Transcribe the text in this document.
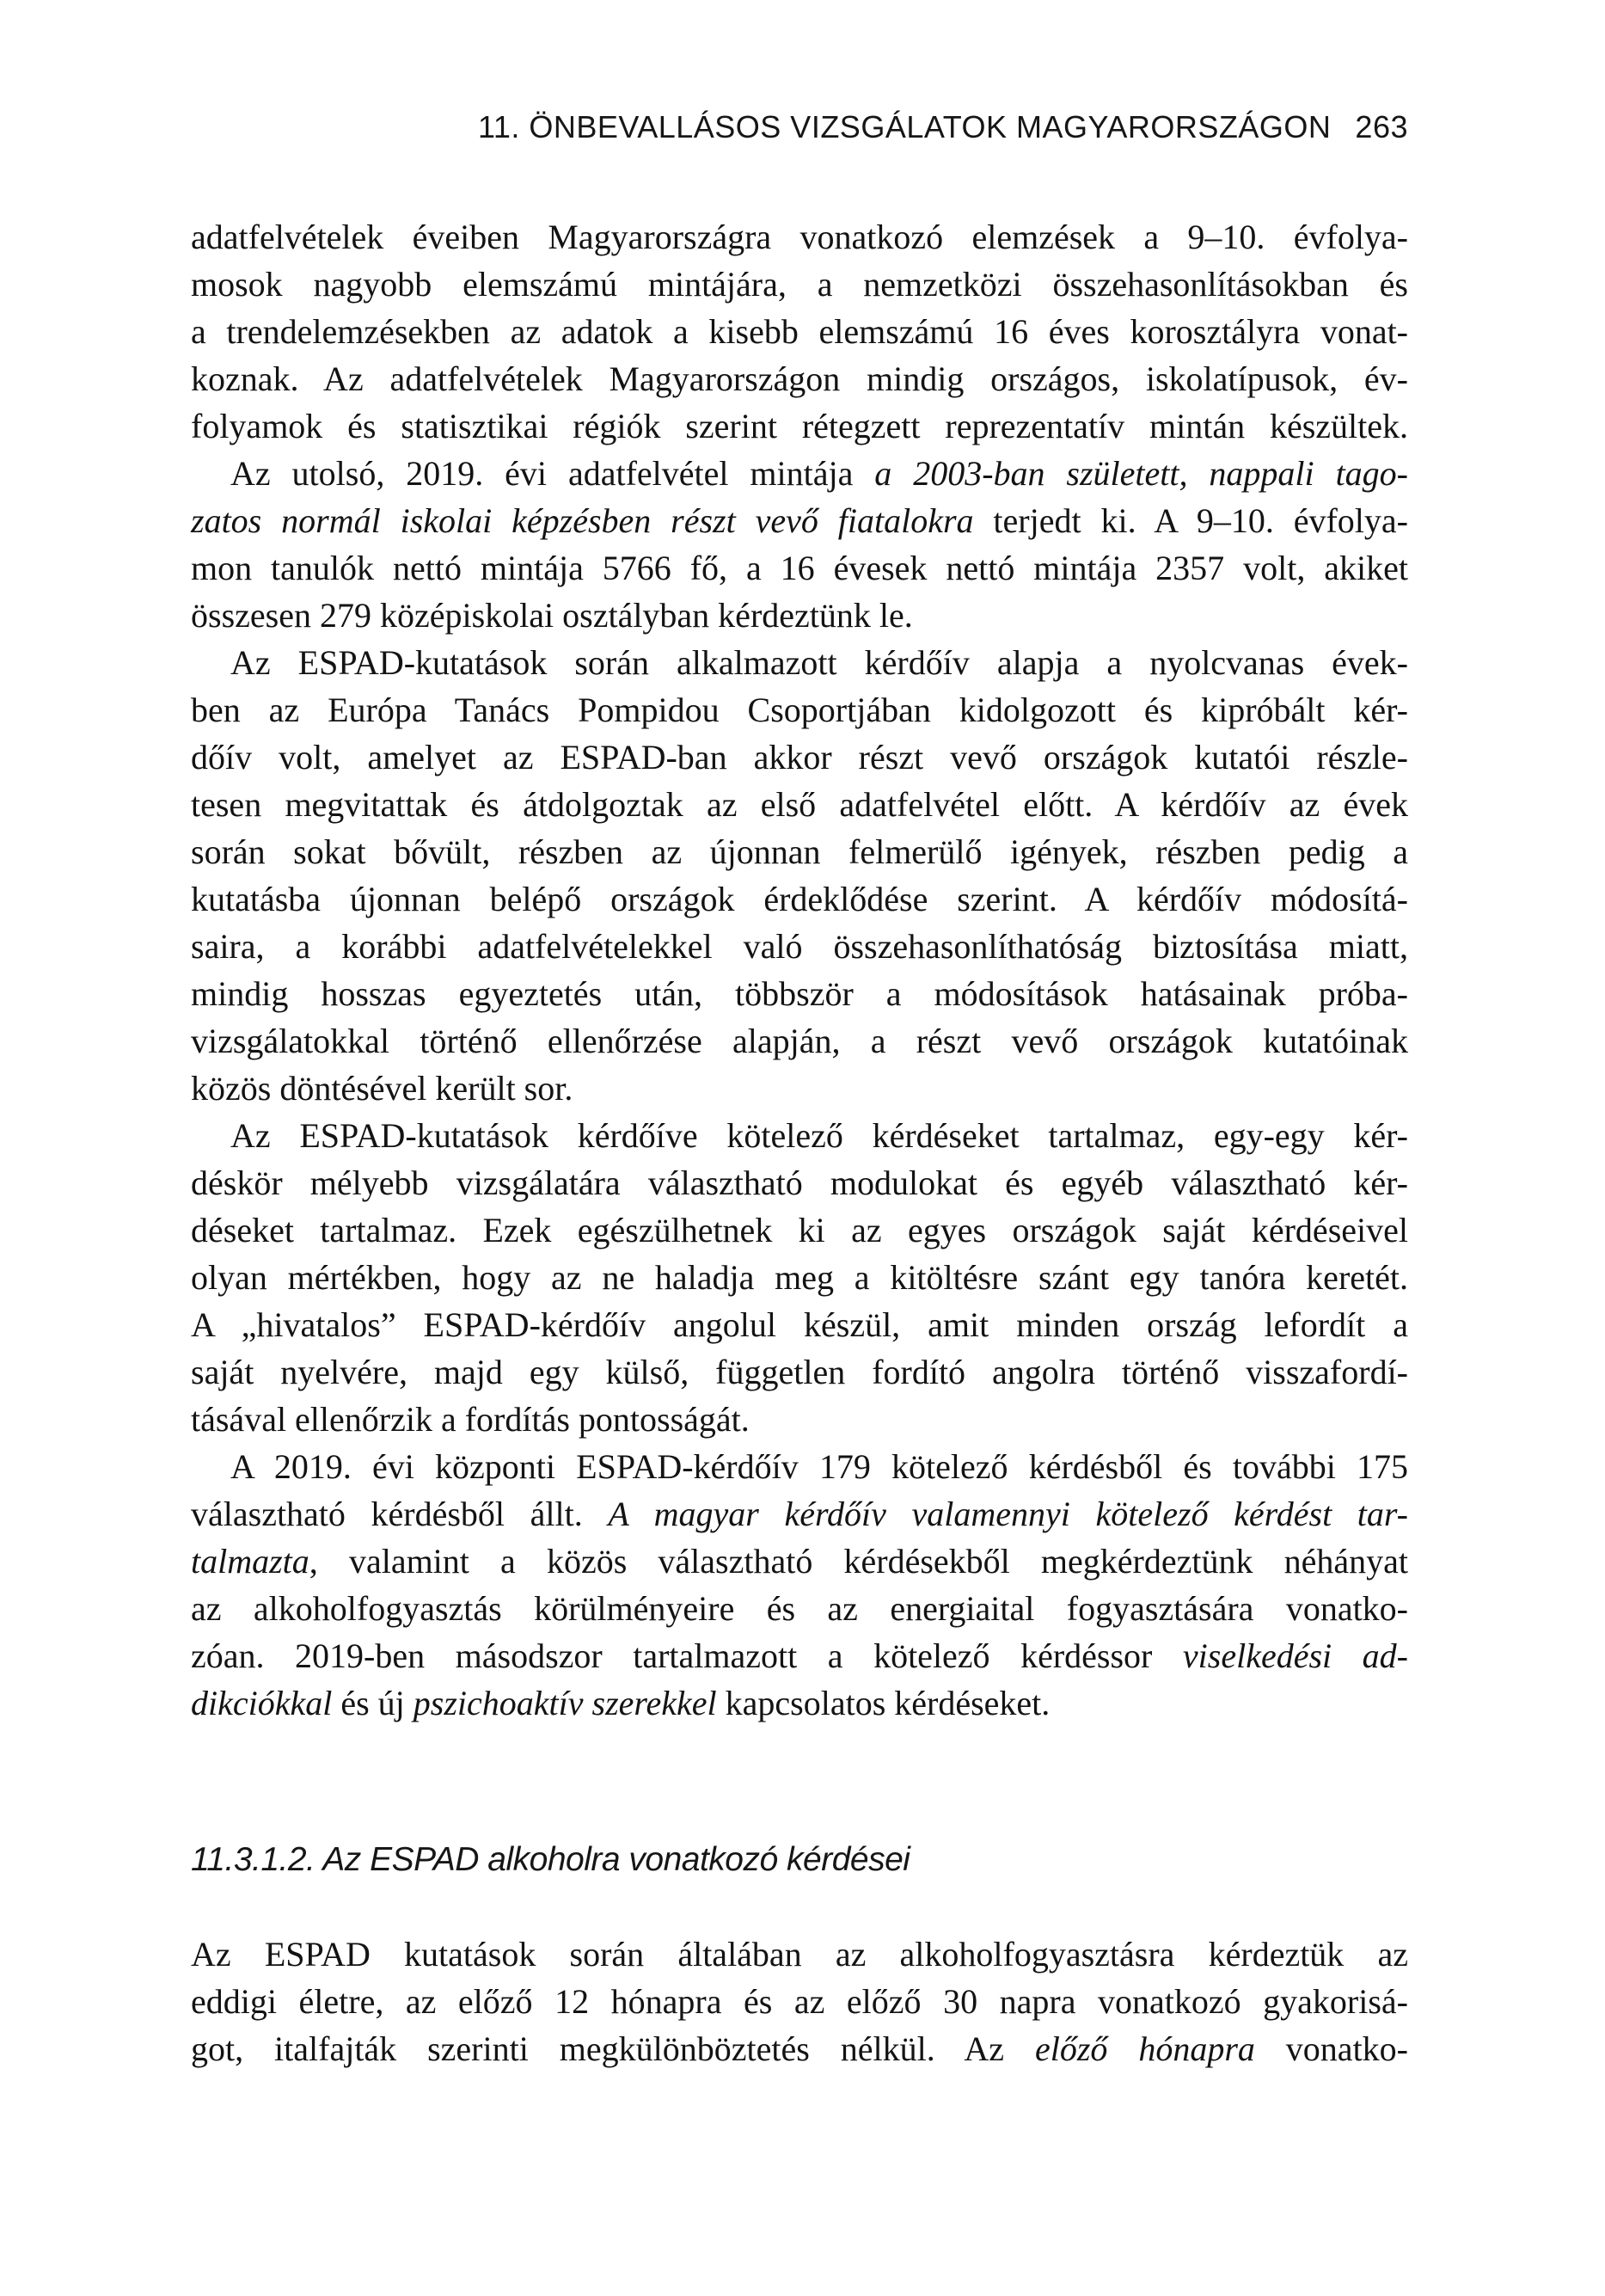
11. ÖNBEVALLÁSOS VIZSGÁLATOK MAGYARORSZÁGON 263
adatfelvételek éveiben Magyarországra vonatkozó elemzések a 9–10. évfolya-
mosok nagyobb elemszámú mintájára, a nemzetközi összehasonlításokban és
a trendelemzésekben az adatok a kisebb elemszámú 16 éves korosztályra vonat-
koznak. Az adatfelvételek Magyarországon mindig országos, iskolatípusok, év-
folyamok és statisztikai régiók szerint rétegzett reprezentatív mintán készültek.
Az utolsó, 2019. évi adatfelvétel mintája a 2003-ban született, nappali tago-
zatos normál iskolai képzésben részt vevő fiatalokra terjedt ki. A 9–10. évfolya-
mon tanulók nettó mintája 5766 fő, a 16 évesek nettó mintája 2357 volt, akiket
összesen 279 középiskolai osztályban kérdeztünk le.
Az ESPAD-kutatások során alkalmazott kérdőív alapja a nyolcvanas évek-
ben az Európa Tanács Pompidou Csoportjában kidolgozott és kipróbált kér-
dőív volt, amelyet az ESPAD-ban akkor részt vevő országok kutatói részle-
tesen megvitattak és átdolgoztak az első adatfelvétel előtt. A kérdőív az évek
során sokat bővült, részben az újonnan felmerülő igények, részben pedig a
kutatásba újonnan belépő országok érdeklődése szerint. A kérdőív módosítá-
saira, a korábbi adatfelvételekkel való összehasonlíthatóság biztosítása miatt,
mindig hosszas egyeztetés után, többször a módosítások hatásainak próba-
vizsgálatokkal történő ellenőrzése alapján, a részt vevő országok kutatóinak
közös döntésével került sor.
Az ESPAD-kutatások kérdőíve kötelező kérdéseket tartalmaz, egy-egy kér-
déskör mélyebb vizsgálatára választható modulokat és egyéb választható kér-
déseket tartalmaz. Ezek egészülhetnek ki az egyes országok saját kérdéseivel
olyan mértékben, hogy az ne haladja meg a kitöltésre szánt egy tanóra keretét.
A „hivatalos” ESPAD-kérdőív angolul készül, amit minden ország lefordít a
saját nyelvére, majd egy külső, független fordító angolra történő visszafordí-
tásával ellenőrzik a fordítás pontosságát.
A 2019. évi központi ESPAD-kérdőív 179 kötelező kérdésből és további 175
választható kérdésből állt. A magyar kérdőív valamennyi kötelező kérdést tar-
talmazta, valamint a közös választható kérdésekből megkérdeztünk néhányat
az alkoholfogyasztás körülményeire és az energiaital fogyasztására vonatko-
zóan. 2019-ben másodszor tartalmazott a kötelező kérdéssor viselkedési ad-
dikciókkal és új pszichoaktív szerekkel kapcsolatos kérdéseket.
11.3.1.2. Az ESPAD alkoholra vonatkozó kérdései
Az ESPAD kutatások során általában az alkoholfogyasztásra kérdeztük az
eddigi életre, az előző 12 hónapra és az előző 30 napra vonatkozó gyakorisá-
got, italfajták szerinti megkülönböztetés nélkül. Az előző hónapra vonatko-
